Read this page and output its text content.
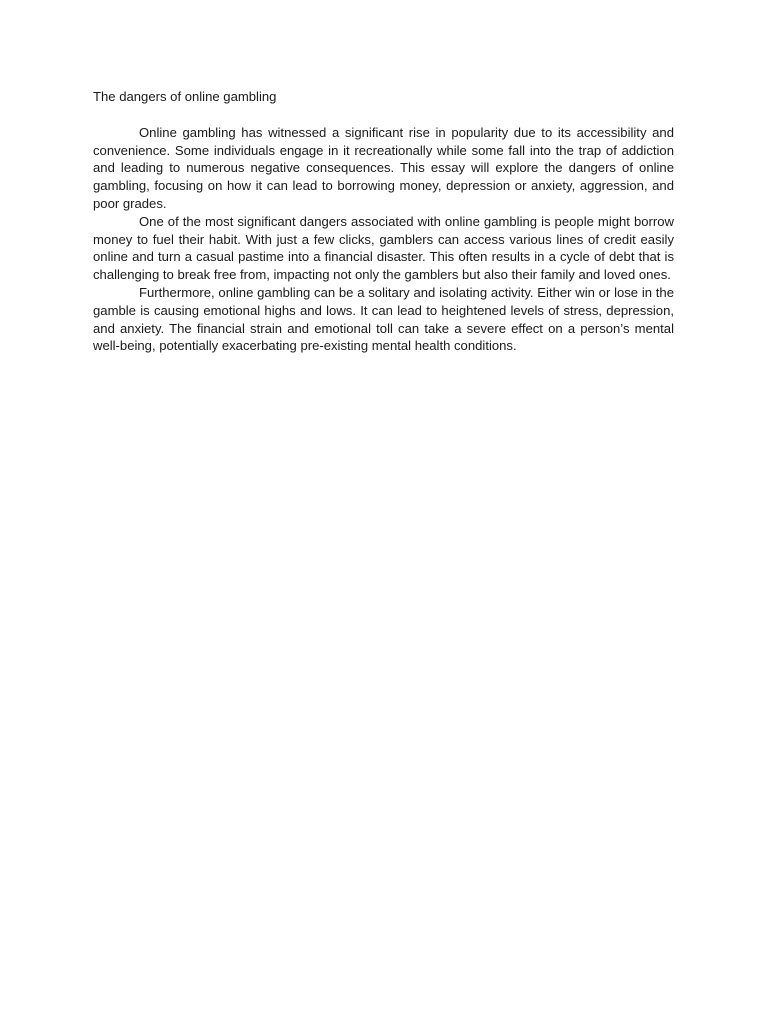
The dangers of online gambling

Online gambling has witnessed a significant rise in popularity due to its accessibility and convenience. Some individuals engage in it recreationally while some fall into the trap of addiction and leading to numerous negative consequences. This essay will explore the dangers of online gambling, focusing on how it can lead to borrowing money, depression or anxiety, aggression, and poor grades.

One of the most significant dangers associated with online gambling is people might borrow money to fuel their habit. With just a few clicks, gamblers can access various lines of credit easily online and turn a casual pastime into a financial disaster. This often results in a cycle of debt that is challenging to break free from, impacting not only the gamblers but also their family and loved ones.

Furthermore, online gambling can be a solitary and isolating activity. Either win or lose in the gamble is causing emotional highs and lows. It can lead to heightened levels of stress, depression, and anxiety. The financial strain and emotional toll can take a severe effect on a person’s mental well-being, potentially exacerbating pre-existing mental health conditions.
